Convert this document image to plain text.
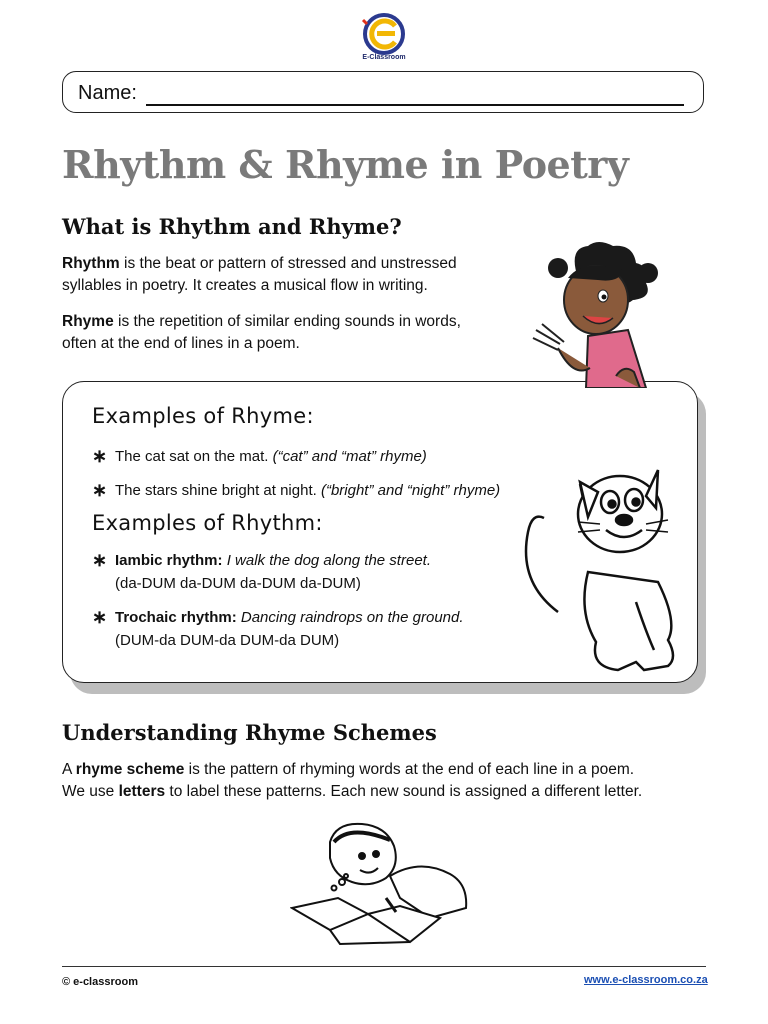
E-Classroom
Name:
Rhythm & Rhyme in Poetry
What is Rhythm and Rhyme?

Rhythm is the beat or pattern of stressed and unstressed
syllables in poetry. It creates a musical flow in writing.

Rhyme is the repetition of similar ending sounds in words,
often at the end of lines in a poem.

Examples of Rhyme:
∗ The cat sat on the mat. (“cat” and “mat” rhyme)
∗ The stars shine bright at night. (“bright” and “night” rhyme)
Examples of Rhythm:
∗ Iambic rhythm: I walk the dog along the street.
(da-DUM da-DUM da-DUM da-DUM)
∗ Trochaic rhythm: Dancing raindrops on the ground.
(DUM-da DUM-da DUM-da DUM)
Understanding Rhyme Schemes

A rhyme scheme is the pattern of rhyming words at the end of each line in a poem.
We use letters to label these patterns. Each new sound is assigned a different letter.

© e-classroom	www.e-classroom.co.za
